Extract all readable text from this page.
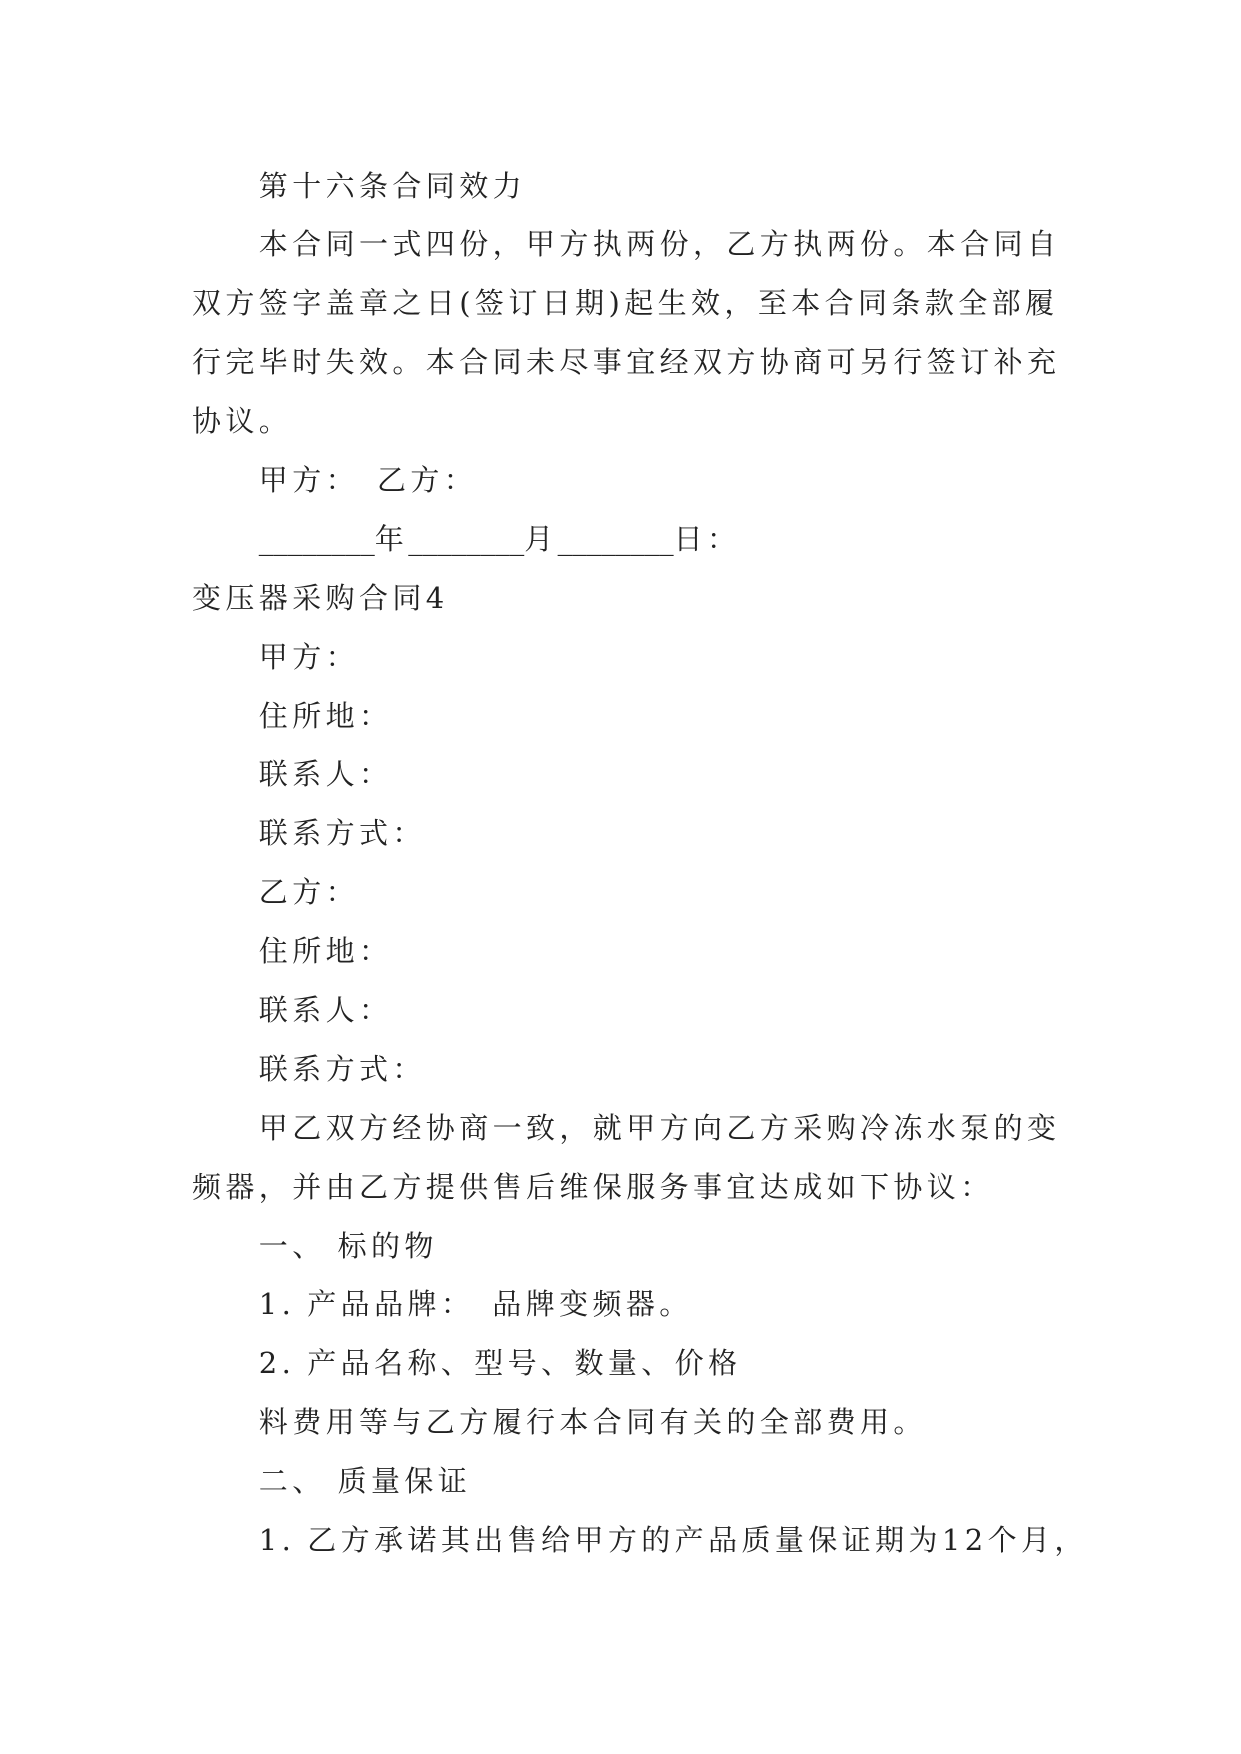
第十六条合同效力
本合同一式四份，甲方执两份，乙方执两份。本合同自
双方签字盖章之日(签订日期)起生效，至本合同条款全部履
行完毕时失效。本合同未尽事宜经双方协商可另行签订补充
协议。
甲方： 乙方：
________年________月________日：
变压器采购合同4
甲方：
住所地：
联系人：
联系方式：
乙方：
住所地：
联系人：
联系方式：
甲乙双方经协商一致，就甲方向乙方采购冷冻水泵的变
频器，并由乙方提供售后维保服务事宜达成如下协议：
一、 标的物
1. 产品品牌： 品牌变频器。
2. 产品名称、型号、数量、价格
料费用等与乙方履行本合同有关的全部费用。
二、 质量保证
1. 乙方承诺其出售给甲方的产品质量保证期为12个月，
